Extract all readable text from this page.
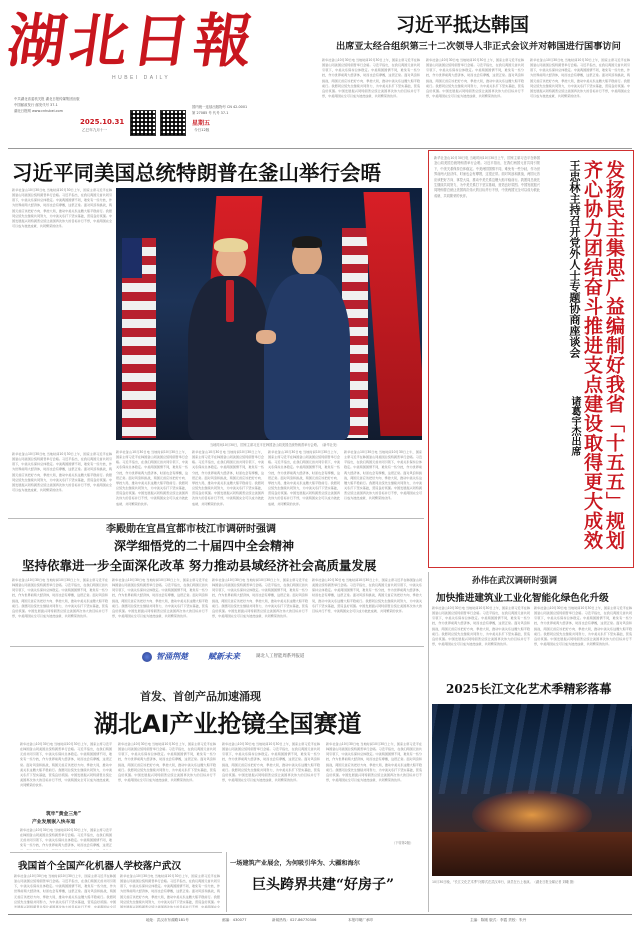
湖
北
日
報
HUBEI DAILY
中共湖北省委机关报 湖北日报传媒集团出版
中国邮政发行 邮发代号 37-1
湖北日报网 www.cnhubei.com
2025.10.31
乙巳年九月十一
星期五
今日12版
国内统一连续出版物号 CN 42-0001
第 27085 号 代号 37-1
习近平抵达韩国
出席亚太经合组织第三十二次领导人非正式会议并对韩国进行国事访问
新华社釜山10月30日电 当地时间10月30日上午，国家主席习近平在韩国釜山同美国总统特朗普举行会晤。习近平指出，在我们两国元首共同引领下，中美关系保持总体稳定。中美两国国情不同，难免有一些分歧，作为世界前两大经济体，时而也会有摩擦，这很正常。面对风浪和挑战，两国元首应该把好方向、掌控大局，推动中美关系这艘大船平稳前行。我愿同总统先生继续共同努力，为中美关系打下坚实基础，营造良好氛围。中国发展振兴同特朗普总统让美国再次伟大的目标并行不悖，中美两国完全可以成为彼此成就、共同繁荣的伙伴。
新华社釜山10月30日电 当地时间10月30日上午，国家主席习近平在韩国釜山同美国总统特朗普举行会晤。习近平指出，在我们两国元首共同引领下，中美关系保持总体稳定。中美两国国情不同，难免有一些分歧，作为世界前两大经济体，时而也会有摩擦，这很正常。面对风浪和挑战，两国元首应该把好方向、掌控大局，推动中美关系这艘大船平稳前行。我愿同总统先生继续共同努力，为中美关系打下坚实基础，营造良好氛围。中国发展振兴同特朗普总统让美国再次伟大的目标并行不悖，中美两国完全可以成为彼此成就、共同繁荣的伙伴。
新华社釜山10月30日电 当地时间10月30日上午，国家主席习近平在韩国釜山同美国总统特朗普举行会晤。习近平指出，在我们两国元首共同引领下，中美关系保持总体稳定。中美两国国情不同，难免有一些分歧，作为世界前两大经济体，时而也会有摩擦，这很正常。面对风浪和挑战，两国元首应该把好方向、掌控大局，推动中美关系这艘大船平稳前行。我愿同总统先生继续共同努力，为中美关系打下坚实基础，营造良好氛围。中国发展振兴同特朗普总统让美国再次伟大的目标并行不悖，中美两国完全可以成为彼此成就、共同繁荣的伙伴。
习近平同美国总统特朗普在釜山举行会晤
新华社釜山10月30日电 当地时间10月30日上午，国家主席习近平在韩国釜山同美国总统特朗普举行会晤。习近平指出，在我们两国元首共同引领下，中美关系保持总体稳定。中美两国国情不同，难免有一些分歧，作为世界前两大经济体，时而也会有摩擦，这很正常。面对风浪和挑战，两国元首应该把好方向、掌控大局，推动中美关系这艘大船平稳前行。我愿同总统先生继续共同努力，为中美关系打下坚实基础，营造良好氛围。中国发展振兴同特朗普总统让美国再次伟大的目标并行不悖，中美两国完全可以成为彼此成就、共同繁荣的伙伴。
当地时间10月30日，国家主席习近平在韩国釜山同美国总统特朗普举行会晤。（新华社发）
新华社釜山10月30日电 当地时间10月30日上午，国家主席习近平在韩国釜山同美国总统特朗普举行会晤。习近平指出，在我们两国元首共同引领下，中美关系保持总体稳定。中美两国国情不同，难免有一些分歧，作为世界前两大经济体，时而也会有摩擦，这很正常。面对风浪和挑战，两国元首应该把好方向、掌控大局，推动中美关系这艘大船平稳前行。我愿同总统先生继续共同努力，为中美关系打下坚实基础，营造良好氛围。中国发展振兴同特朗普总统让美国再次伟大的目标并行不悖，中美两国完全可以成为彼此成就、共同繁荣的伙伴。
新华社釜山10月30日电 当地时间10月30日上午，国家主席习近平在韩国釜山同美国总统特朗普举行会晤。习近平指出，在我们两国元首共同引领下，中美关系保持总体稳定。中美两国国情不同，难免有一些分歧，作为世界前两大经济体，时而也会有摩擦，这很正常。面对风浪和挑战，两国元首应该把好方向、掌控大局，推动中美关系这艘大船平稳前行。我愿同总统先生继续共同努力，为中美关系打下坚实基础，营造良好氛围。中国发展振兴同特朗普总统让美国再次伟大的目标并行不悖，中美两国完全可以成为彼此成就、共同繁荣的伙伴。
新华社釜山10月30日电 当地时间10月30日上午，国家主席习近平在韩国釜山同美国总统特朗普举行会晤。习近平指出，在我们两国元首共同引领下，中美关系保持总体稳定。中美两国国情不同，难免有一些分歧，作为世界前两大经济体，时而也会有摩擦，这很正常。面对风浪和挑战，两国元首应该把好方向、掌控大局，推动中美关系这艘大船平稳前行。我愿同总统先生继续共同努力，为中美关系打下坚实基础，营造良好氛围。中国发展振兴同特朗普总统让美国再次伟大的目标并行不悖，中美两国完全可以成为彼此成就、共同繁荣的伙伴。
新华社釜山10月30日电 当地时间10月30日上午，国家主席习近平在韩国釜山同美国总统特朗普举行会晤。习近平指出，在我们两国元首共同引领下，中美关系保持总体稳定。中美两国国情不同，难免有一些分歧，作为世界前两大经济体，时而也会有摩擦，这很正常。面对风浪和挑战，两国元首应该把好方向、掌控大局，推动中美关系这艘大船平稳前行。我愿同总统先生继续共同努力，为中美关系打下坚实基础，营造良好氛围。中国发展振兴同特朗普总统让美国再次伟大的目标并行不悖，中美两国完全可以成为彼此成就、共同繁荣的伙伴。
新华社釜山10月30日电 当地时间10月30日上午，国家主席习近平在韩国釜山同美国总统特朗普举行会晤。习近平指出，在我们两国元首共同引领下，中美关系保持总体稳定。中美两国国情不同，难免有一些分歧，作为世界前两大经济体，时而也会有摩擦，这很正常。面对风浪和挑战，两国元首应该把好方向、掌控大局，推动中美关系这艘大船平稳前行。我愿同总统先生继续共同努力，为中美关系打下坚实基础，营造良好氛围。中国发展振兴同特朗普总统让美国再次伟大的目标并行不悖，中美两国完全可以成为彼此成就、共同繁荣的伙伴。
新华社釜山10月30日电 当地时间10月30日上午，国家主席习近平在韩国釜山同美国总统特朗普举行会晤。习近平指出，在我们两国元首共同引领下，中美关系保持总体稳定。中美两国国情不同，难免有一些分歧，作为世界前两大经济体，时而也会有摩擦，这很正常。面对风浪和挑战，两国元首应该把好方向、掌控大局，推动中美关系这艘大船平稳前行。我愿同总统先生继续共同努力，为中美关系打下坚实基础，营造良好氛围。中国发展振兴同特朗普总统让美国再次伟大的目标并行不悖，中美两国完全可以成为彼此成就、共同繁荣的伙伴。	发扬民主集思广益编制好我省「十五五」规划
齐心协力团结奋斗推进支点建设取得更大成效
王忠林主持召开党外人士专题协商座谈会
诸葛宇杰出席
李殿勋在宜昌宜都市枝江市调研时强调
深学细悟党的二十届四中全会精神
坚持依靠进一步全面深化改革 努力推动县域经济社会高质量发展
新华社釜山10月30日电 当地时间10月30日上午，国家主席习近平在韩国釜山同美国总统特朗普举行会晤。习近平指出，在我们两国元首共同引领下，中美关系保持总体稳定。中美两国国情不同，难免有一些分歧，作为世界前两大经济体，时而也会有摩擦，这很正常。面对风浪和挑战，两国元首应该把好方向、掌控大局，推动中美关系这艘大船平稳前行。我愿同总统先生继续共同努力，为中美关系打下坚实基础，营造良好氛围。中国发展振兴同特朗普总统让美国再次伟大的目标并行不悖，中美两国完全可以成为彼此成就、共同繁荣的伙伴。
新华社釜山10月30日电 当地时间10月30日上午，国家主席习近平在韩国釜山同美国总统特朗普举行会晤。习近平指出，在我们两国元首共同引领下，中美关系保持总体稳定。中美两国国情不同，难免有一些分歧，作为世界前两大经济体，时而也会有摩擦，这很正常。面对风浪和挑战，两国元首应该把好方向、掌控大局，推动中美关系这艘大船平稳前行。我愿同总统先生继续共同努力，为中美关系打下坚实基础，营造良好氛围。中国发展振兴同特朗普总统让美国再次伟大的目标并行不悖，中美两国完全可以成为彼此成就、共同繁荣的伙伴。
新华社釜山10月30日电 当地时间10月30日上午，国家主席习近平在韩国釜山同美国总统特朗普举行会晤。习近平指出，在我们两国元首共同引领下，中美关系保持总体稳定。中美两国国情不同，难免有一些分歧，作为世界前两大经济体，时而也会有摩擦，这很正常。面对风浪和挑战，两国元首应该把好方向、掌控大局，推动中美关系这艘大船平稳前行。我愿同总统先生继续共同努力，为中美关系打下坚实基础，营造良好氛围。中国发展振兴同特朗普总统让美国再次伟大的目标并行不悖，中美两国完全可以成为彼此成就、共同繁荣的伙伴。
新华社釜山10月30日电 当地时间10月30日上午，国家主席习近平在韩国釜山同美国总统特朗普举行会晤。习近平指出，在我们两国元首共同引领下，中美关系保持总体稳定。中美两国国情不同，难免有一些分歧，作为世界前两大经济体，时而也会有摩擦，这很正常。面对风浪和挑战，两国元首应该把好方向、掌控大局，推动中美关系这艘大船平稳前行。我愿同总统先生继续共同努力，为中美关系打下坚实基础，营造良好氛围。中国发展振兴同特朗普总统让美国再次伟大的目标并行不悖，中美两国完全可以成为彼此成就、共同繁荣的伙伴。
孙伟在武汉调研时强调
加快推进建筑业工业化智能化绿色化升级
新华社釜山10月30日电 当地时间10月30日上午，国家主席习近平在韩国釜山同美国总统特朗普举行会晤。习近平指出，在我们两国元首共同引领下，中美关系保持总体稳定。中美两国国情不同，难免有一些分歧，作为世界前两大经济体，时而也会有摩擦，这很正常。面对风浪和挑战，两国元首应该把好方向、掌控大局，推动中美关系这艘大船平稳前行。我愿同总统先生继续共同努力，为中美关系打下坚实基础，营造良好氛围。中国发展振兴同特朗普总统让美国再次伟大的目标并行不悖，中美两国完全可以成为彼此成就、共同繁荣的伙伴。
新华社釜山10月30日电 当地时间10月30日上午，国家主席习近平在韩国釜山同美国总统特朗普举行会晤。习近平指出，在我们两国元首共同引领下，中美关系保持总体稳定。中美两国国情不同，难免有一些分歧，作为世界前两大经济体，时而也会有摩擦，这很正常。面对风浪和挑战，两国元首应该把好方向、掌控大局，推动中美关系这艘大船平稳前行。我愿同总统先生继续共同努力，为中美关系打下坚实基础，营造良好氛围。中国发展振兴同特朗普总统让美国再次伟大的目标并行不悖，中美两国完全可以成为彼此成就、共同繁荣的伙伴。
智涌荆楚	赋新未来	湖北人工智能周系列报道
首发、首创产品加速涌现
湖北AI产业抢镜全国赛道
新华社釜山10月30日电 当地时间10月30日上午，国家主席习近平在韩国釜山同美国总统特朗普举行会晤。习近平指出，在我们两国元首共同引领下，中美关系保持总体稳定。中美两国国情不同，难免有一些分歧，作为世界前两大经济体，时而也会有摩擦，这很正常。面对风浪和挑战，两国元首应该把好方向、掌控大局，推动中美关系这艘大船平稳前行。我愿同总统先生继续共同努力，为中美关系打下坚实基础，营造良好氛围。中国发展振兴同特朗普总统让美国再次伟大的目标并行不悖，中美两国完全可以成为彼此成就、共同繁荣的伙伴。
筑牢“黄金三角”
产业发展嵌入快车道
新华社釜山10月30日电 当地时间10月30日上午，国家主席习近平在韩国釜山同美国总统特朗普举行会晤。习近平指出，在我们两国元首共同引领下，中美关系保持总体稳定。中美两国国情不同，难免有一些分歧，作为世界前两大经济体，时而也会有摩擦，这很正
新华社釜山10月30日电 当地时间10月30日上午，国家主席习近平在韩国釜山同美国总统特朗普举行会晤。习近平指出，在我们两国元首共同引领下，中美关系保持总体稳定。中美两国国情不同，难免有一些分歧，作为世界前两大经济体，时而也会有摩擦，这很正常。面对风浪和挑战，两国元首应该把好方向、掌控大局，推动中美关系这艘大船平稳前行。我愿同总统先生继续共同努力，为中美关系打下坚实基础，营造良好氛围。中国发展振兴同特朗普总统让美国再次伟大的目标并行不悖，中美两国完全可以成为彼此成就、共同繁荣的伙伴。
新华社釜山10月30日电 当地时间10月30日上午，国家主席习近平在韩国釜山同美国总统特朗普举行会晤。习近平指出，在我们两国元首共同引领下，中美关系保持总体稳定。中美两国国情不同，难免有一些分歧，作为世界前两大经济体，时而也会有摩擦，这很正常。面对风浪和挑战，两国元首应该把好方向、掌控大局，推动中美关系这艘大船平稳前行。我愿同总统先生继续共同努力，为中美关系打下坚实基础，营造良好氛围。中国发展振兴同特朗普总统让美国再次伟大的目标并行不悖，中美两国完全可以成为彼此成就、共同繁荣的伙伴。
新华社釜山10月30日电 当地时间10月30日上午，国家主席习近平在韩国釜山同美国总统特朗普举行会晤。习近平指出，在我们两国元首共同引领下，中美关系保持总体稳定。中美两国国情不同，难免有一些分歧，作为世界前两大经济体，时而也会有摩擦，这很正常。面对风浪和挑战，两国元首应该把好方向、掌控大局，推动中美关系这艘大船平稳前行。我愿同总统先生继续共同努力，为中美关系打下坚实基础，营造良好氛围。中国发展振兴同特朗普总统让美国再次伟大的目标并行不悖，中美两国完全可以成为彼此成就、共同繁荣的伙伴。
（下转第2版）
我国首个全国产化机器人学校落户武汉
新华社釜山10月30日电 当地时间10月30日上午，国家主席习近平在韩国釜山同美国总统特朗普举行会晤。习近平指出，在我们两国元首共同引领下，中美关系保持总体稳定。中美两国国情不同，难免有一些分歧，作为世界前两大经济体，时而也会有摩擦，这很正常。面对风浪和挑战，两国元首应该把好方向、掌控大局，推动中美关系这艘大船平稳前行。我愿同总统先生继续共同努力，为中美关系打下坚实基础，营造良好氛围。中国发展振兴同特朗普总统让美国再次伟大的目标并行不悖，中美两国完全可
新华社釜山10月30日电 当地时间10月30日上午，国家主席习近平在韩国釜山同美国总统特朗普举行会晤。习近平指出，在我们两国元首共同引领下，中美关系保持总体稳定。中美两国国情不同，难免有一些分歧，作为世界前两大经济体，时而也会有摩擦，这很正常。面对风浪和挑战，两国元首应该把好方向、掌控大局，推动中美关系这艘大船平稳前行。我愿同总统先生继续共同努力，为中美关系打下坚实基础，营造良好氛围。中国发展振兴同特朗普总统让美国再次伟大的目标并行不悖，中美两国完全
一场建筑产业展会，为何吸引华为、大疆和海尔
巨头跨界共建“好房子”
2025长江文化艺术季精彩落幕
10月30日晚，“长江文化艺术季”闭幕式在武汉举行，演员在台上表演。（湖北日报全媒记者 刘曦 摄）
地址：武汉市东湖路181号	邮编：430077	新闻热线：027-86770306	本报印刷厂承印	主编：陈刚 版式：李霞 责校：朱丹
